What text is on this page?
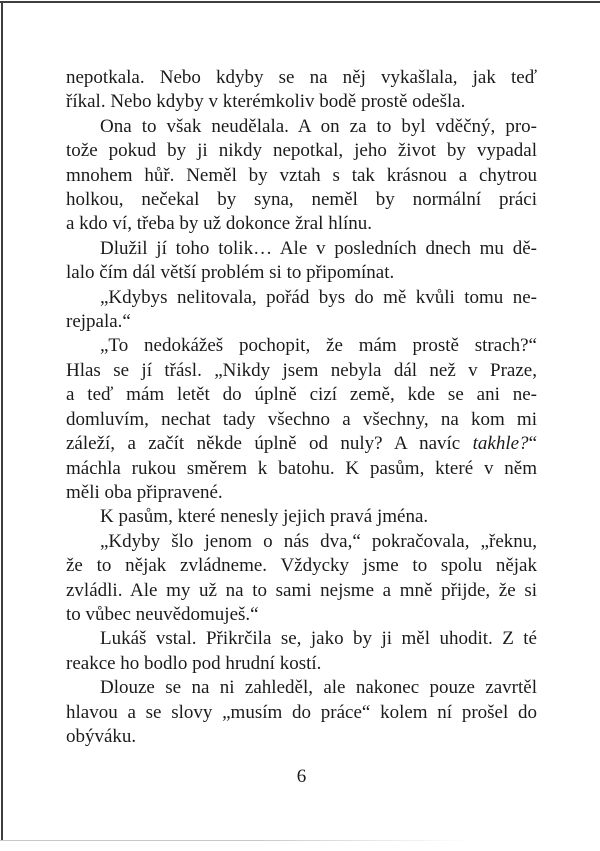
nepotkala. Nebo kdyby se na něj vykašlala, jak teď
říkal. Nebo kdyby v kterémkoliv bodě prostě odešla.
Ona to však neudělala. A on za to byl vděčný, pro-
tože pokud by ji nikdy nepotkal, jeho život by vypadal
mnohem hůř. Neměl by vztah s tak krásnou a chytrou
holkou, nečekal by syna, neměl by normální práci
a kdo ví, třeba by už dokonce žral hlínu.
Dlužil jí toho tolik… Ale v posledních dnech mu dě-
lalo čím dál větší problém si to připomínat.
„Kdybys nelitovala, pořád bys do mě kvůli tomu ne-
rejpala.“
„To nedokážeš pochopit, že mám prostě strach?“
Hlas se jí třásl. „Nikdy jsem nebyla dál než v Praze,
a teď mám letět do úplně cizí země, kde se ani ne-
domluvím, nechat tady všechno a všechny, na kom mi
záleží, a začít někde úplně od nuly? A navíc takhle?“
máchla rukou směrem k batohu. K pasům, které v něm
měli oba připravené.
K pasům, které nenesly jejich pravá jména.
„Kdyby šlo jenom o nás dva,“ pokračovala, „řeknu,
že to nějak zvládneme. Vždycky jsme to spolu nějak
zvládli. Ale my už na to sami nejsme a mně přijde, že si
to vůbec neuvědomuješ.“
Lukáš vstal. Přikrčila se, jako by ji měl uhodit. Z té
reakce ho bodlo pod hrudní kostí.
Dlouze se na ni zahleděl, ale nakonec pouze zavrtěl
hlavou a se slovy „musím do práce“ kolem ní prošel do
obýváku.
6
